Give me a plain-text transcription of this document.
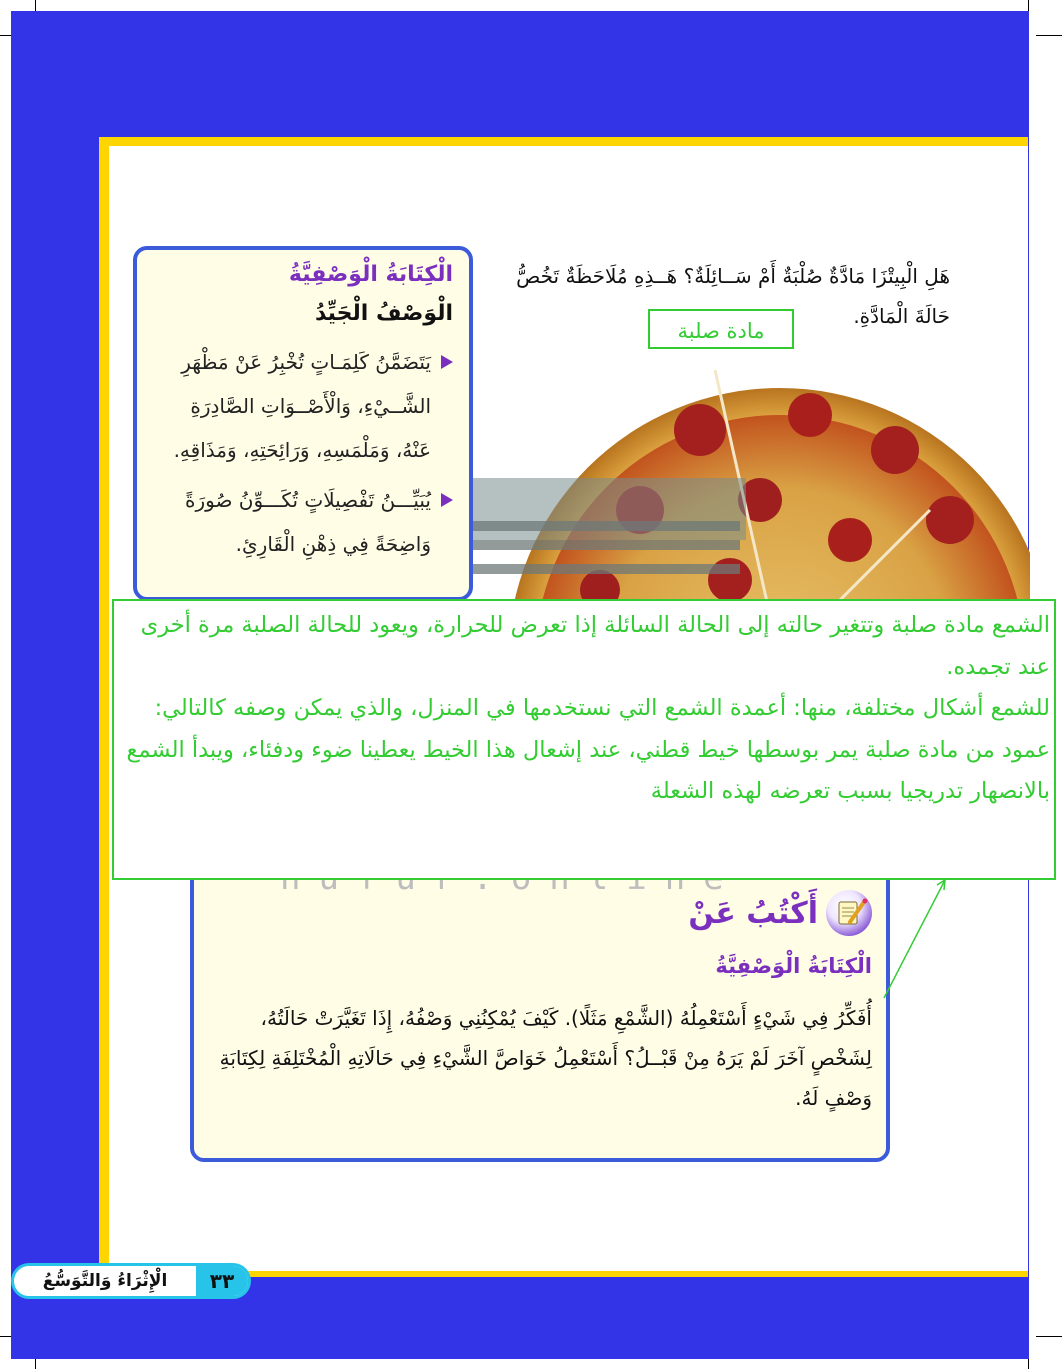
هَلِ الْبِيتْزَا مَادَّةٌ صُلْبَةٌ أَمْ سَــائِلَةٌ؟ هَــذِهِ مُلَاحَظَةٌ تَخُصُّ حَالَةَ الْمَادَّةِ.
مادة صلبة
الْكِتَابَةُ الْوَصْفِيَّةُ
الْوَصْفُ الْجَيِّدُ
يَتَضَمَّنُ كَلِمَـاتٍ تُخْبِرُ عَنْ مَظْهَرِ الشَّــيْءِ، وَالْأَصْــوَاتِ الصَّادِرَةِ عَنْهُ، وَمَلْمَسِهِ، وَرَائِحَتِهِ، وَمَذَاقِهِ.
يُبَيِّـــنُ تَفْصِيلَاتٍ تُكَـــوِّنُ صُورَةً وَاضِحَةً فِي ذِهْنِ الْقَارِئِ.
أَكْتُبُ عَنْ
الْكِتَابَةُ الْوَصْفِيَّةُ
أُفَكِّرُ فِي شَيْءٍ أَسْتَعْمِلُهُ (الشَّمْعِ مَثَلًا). كَيْفَ يُمْكِنُنِي وَصْفُهُ، إِذَا تَغَيَّرَتْ حَالَتُهُ، لِشَخْصٍ آخَرَ لَمْ يَرَهُ مِنْ قَبْــلُ؟ أَسْتَعْمِلُ خَوَاصَّ الشَّيْءِ فِي حَالَاتِهِ الْمُخْتَلِفَةِ لِكِتَابَةِ وَصْفٍ لَهُ.

الشمع مادة صلبة وتتغير حالته إلى الحالة السائلة إذا تعرض للحرارة، ويعود للحالة الصلبة مرة أخرى عند تجمده.

للشمع أشكال مختلفة، منها: أعمدة الشمع التي نستخدمها في المنزل، والذي يمكن وصفه كالتالي: عمود من مادة صلبة يمر بوسطها خيط قطني، عند إشعال هذا الخيط يعطينا ضوء ودفئاء، ويبدأ الشمع بالانصهار تدريجيا بسبب تعرضه لهذه الشعلة

٣٣
الْإِثْرَاءُ وَالتَّوَسُّعُ
